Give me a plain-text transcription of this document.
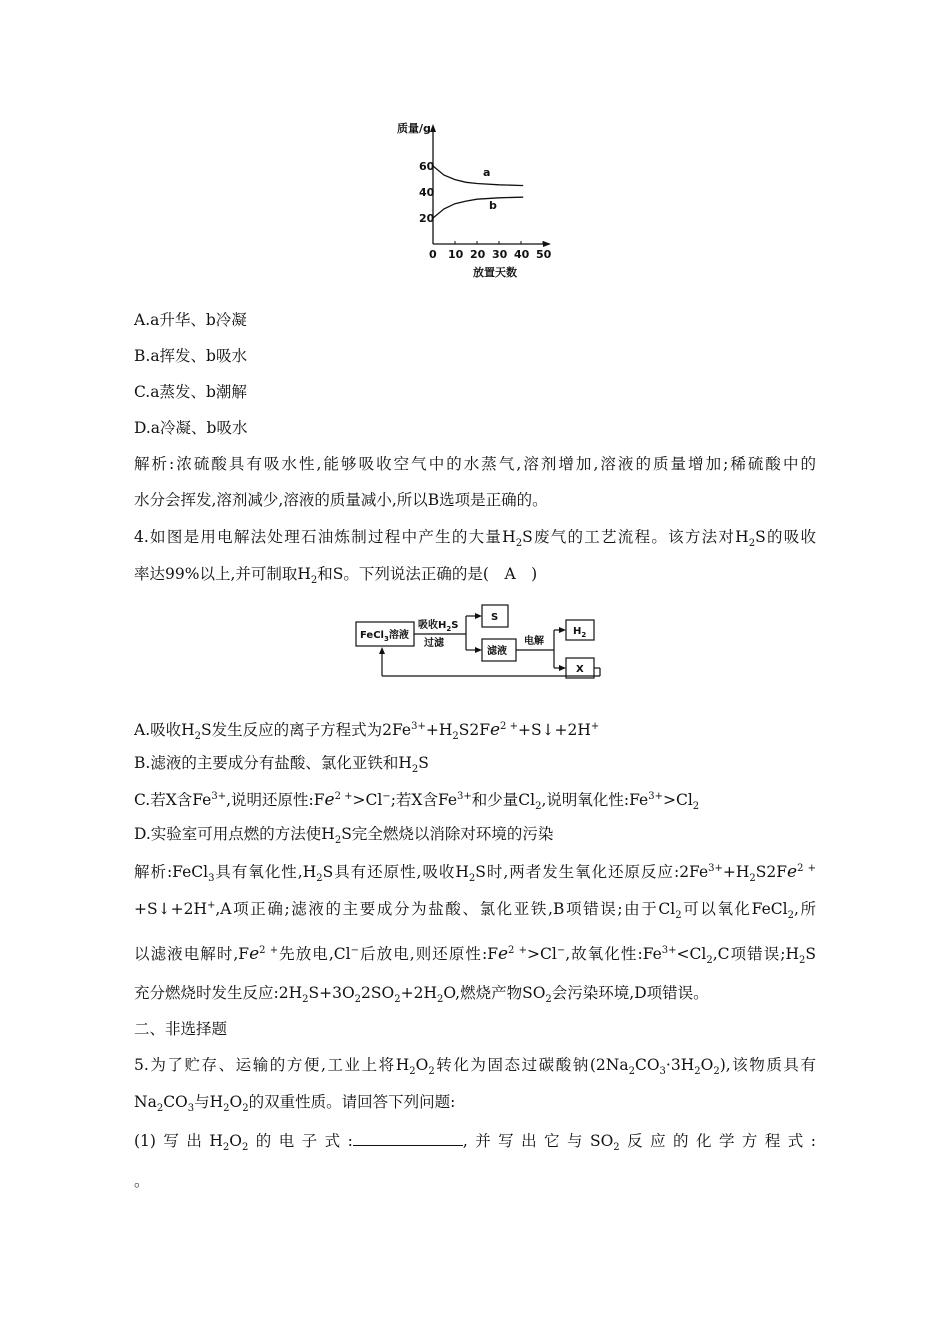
质量/g
20
40
60
0 10 20 30 40 50
a
b
放置天数
A.a升华、b冷凝
B.a挥发、b吸水
C.a蒸发、b潮解
D.a冷凝、b吸水
解析:浓硫酸具有吸水性,能够吸收空气中的水蒸气,溶剂增加,溶液的质量增加;稀硫酸中的
水分会挥发,溶剂减少,溶液的质量减小,所以B选项是正确的。
4.如图是用电解法处理石油炼制过程中产生的大量$H_2S$废气的工艺流程。该方法对$H_2S$的吸收
率达99%以上,并可制取$H_2$和S。下列说法正确的是(　A　)
FeCl$_3$溶液
吸收$H_2S$
过滤
S
滤液
电解
$H_2$
X
A.吸收$H_2S$发生反应的离子方程式为$2Fe^{3+}+H_2S2Fe^{2 +}+S↓+2H^+$
B.滤液的主要成分有盐酸、氯化亚铁和$H_2S$
C.若X含$Fe^{3+}$,说明还原性$:Fe^{2 +}>Cl^-$;若X含$Fe^{3+}$和少量$Cl_2$,说明氧化性$:Fe^{3+}>Cl_2$
D.实验室可用点燃的方法使$H_2S$完全燃烧以消除对环境的污染
解析:FeCl$_3$具有氧化性$,H_2S$具有还原性,吸收$H_2S$时,两者发生氧化还原反应$:2Fe^{3+}+H_2S2Fe^{2 +}$
+S↓+2H+,A项正确;滤液的主要成分为盐酸、氯化亚铁,B项错误;由于$Cl_2$可以氧化FeCl$_2$,所
以滤液电解时$,Fe^{2 +}$先放电,Cl−后放电,则还原性$:Fe^{2 +}>Cl^-$,故氧化性$:Fe^{3+}<Cl_2,C$项错误$;H_2S$
充分燃烧时发生反应$:2H_2S+3O_22SO_2+2H_2O$,燃烧产物$SO_2$会污染环境,D项错误。
二、非选择题
5.为了贮存、运输的方便,工业上将$H_2O_2$转化为固态过碳酸钠$(2Na_2CO_3\cdot 3H_2O_2)$,该物质具有
$Na_2CO_3$与$H_2O_2$的双重性质。请回答下列问题:
(1)写出$H_2O_2$的电子式:	,并写出它与$SO_2$反应的化学方程式:
。
